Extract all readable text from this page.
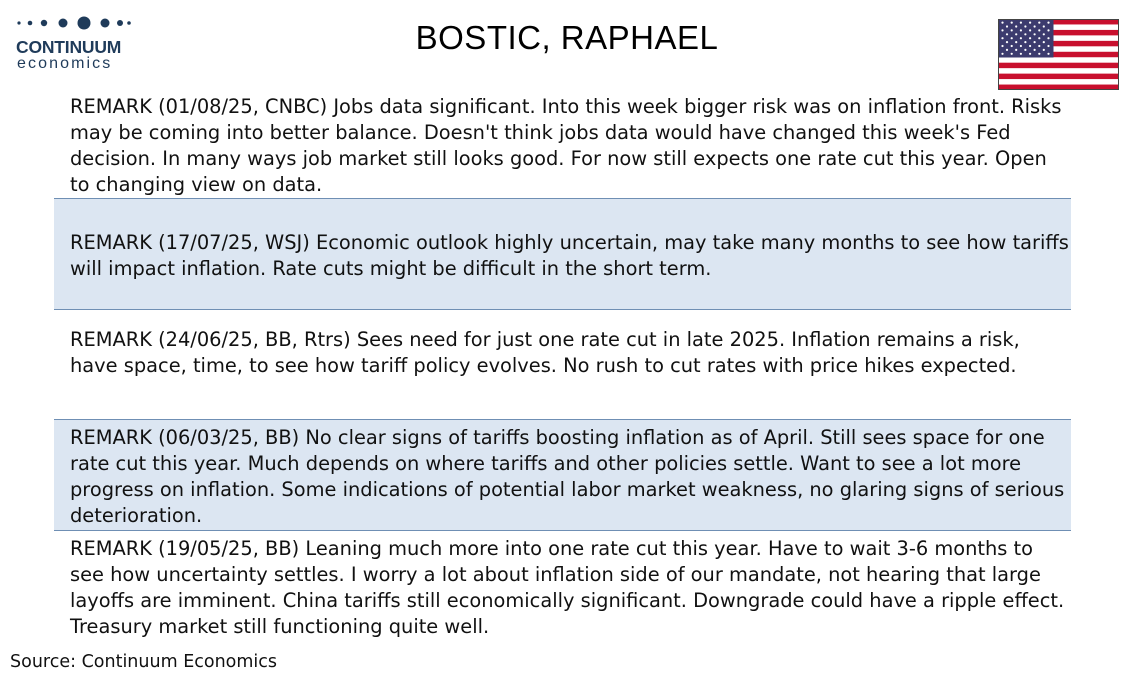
CONTINUUM
economics
BOSTIC, RAPHAEL
REMARK (01/08/25, CNBC) Jobs data significant. Into this week bigger risk was on inflation front. Risks may be coming into better balance. Doesn't think jobs data would have changed this week's Fed decision. In many ways job market still looks good. For now still expects one rate cut this year. Open to changing view on data.
REMARK (17/07/25, WSJ) Economic outlook highly uncertain, may take many months to see how tariffs will impact inflation. Rate cuts might be difficult in the short term.
REMARK (24/06/25, BB, Rtrs) Sees need for just one rate cut in late 2025. Inflation remains a risk, have space, time, to see how tariff policy evolves. No rush to cut rates with price hikes expected.
REMARK (06/03/25, BB) No clear signs of tariffs boosting inflation as of April. Still sees space for one rate cut this year. Much depends on where tariffs and other policies settle. Want to see a lot more progress on inflation. Some indications of potential labor market weakness, no glaring signs of serious deterioration.
REMARK (19/05/25, BB) Leaning much more into one rate cut this year. Have to wait 3-6 months to see how uncertainty settles. I worry a lot about inflation side of our mandate, not hearing that large layoffs are imminent. China tariffs still economically significant. Downgrade could have a ripple effect. Treasury market still functioning quite well.
Source: Continuum Economics
